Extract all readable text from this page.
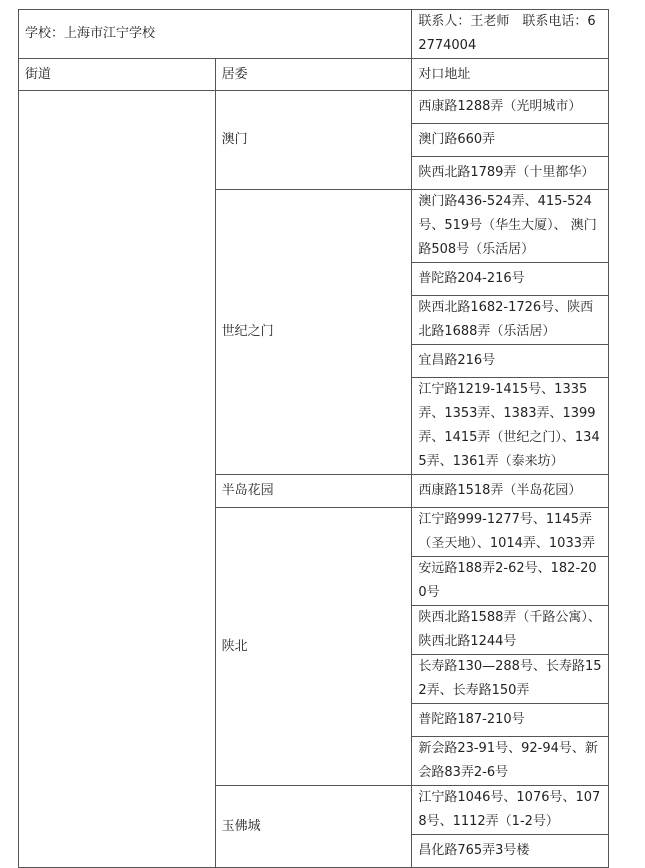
学校：上海市江宁学校		联系人：王老师　联系电话：62774004
街道	居委	对口地址
	澳门	西康路1288弄（光明城市）
		澳门路660弄
		陕西北路1789弄（十里都华）
	世纪之门	澳门路436-524弄、415-524号、519号（华生大厦）、 澳门路508号（乐活居）
		普陀路204-216号
		陕西北路1682-1726号、陕西北路1688弄（乐活居）
		宜昌路216号
		江宁路1219-1415号、1335弄、1353弄、1383弄、1399弄、1415弄（世纪之门）、1345弄、1361弄（泰来坊）
	半岛花园	西康路1518弄（半岛花园）
	陕北	江宁路999-1277号、1145弄（圣天地）、1014弄、1033弄
		安远路188弄2-62号、182-200号
		陕西北路1588弄（千路公寓）、陕西北路1244号
		长寿路130—288号、长寿路152弄、长寿路150弄
		普陀路187-210号
		新会路23-91号、92-94号、新会路83弄2-6号
	玉佛城	江宁路1046号、1076号、1078号、1112弄（1-2号）
		昌化路765弄3号楼
